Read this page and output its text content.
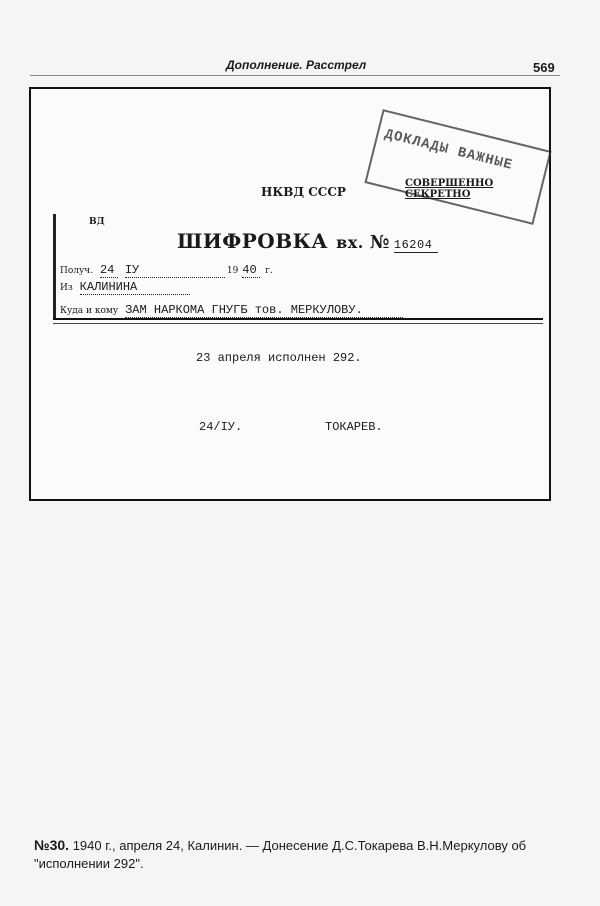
Дополнение. Расстрел	569
ДОКЛАДЫ ВАЖНЫЕ
НКВД СССР
СОВЕРШЕННО СЕКРЕТНО
ВД
ШИФРОВКА вх. № 16204
Получ. 24 IУ	19 40 г.
Из КАЛИНИНА
Куда и кому ЗАМ НАРКОМА ГНУГБ тов. МЕРКУЛОВУ.
23 апреля исполнен 292.
24/IУ.	ТОКАРЕВ.
№30. 1940 г., апреля 24, Калинин. — Донесение Д.С.Токарева В.Н.Меркулову об "исполнении 292".
